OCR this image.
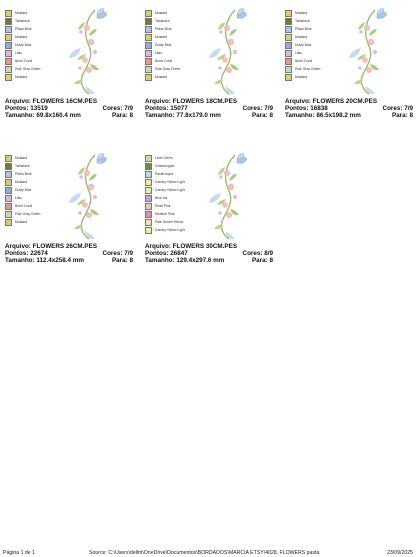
Mustard
Tamarack
Pillow Blue
Mustard
Dusty Blue
Lilac
Burnt Coral
Pale Gray Green
Mustard
Arquivo: FLOWERS 16CM.PES
Pontos: 13519	Cores: 7/9
Tamanho: 69.8x160.4 mm	Para: 8
Mustard
Tamarack
Pillow Blue
Mustard
Dusty Blue
Lilac
Burnt Coral
Pale Gray Green
Mustard
Arquivo: FLOWERS 18CM.PES
Pontos: 15077	Cores: 7/9
Tamanho: 77.8x179.0 mm	Para: 8
Mustard
Tamarack
Pillow Blue
Mustard
Dusty Blue
Lilac
Burnt Coral
Pale Gray Green
Mustard
Arquivo: FLOWERS 20CM.PES
Pontos: 16838	Cores: 7/9
Tamanho: 86.5x198.2 mm	Para: 8
Mustard
Tamarack
Pillow Blue
Mustard
Dusty Blue
Lilac
Burnt Coral
Pale Gray Green
Mustard
Arquivo: FLOWERS 26CM.PES
Pontos: 22674	Cores: 7/9
Tamanho: 112.4x258.4 mm	Para: 8
Lime Green
Grasshopper
Pastel Aqua
Canary Yellow Light
Canary Yellow Light
Blue Iris
Pearl Pink
Medium Pink
Pale Desert Yellow
Canary Yellow Light
Arquivo: FLOWERS 30CM.PES
Pontos: 26847	Cores: 8/9
Tamanho: 129.4x297.6 mm	Para: 8
Página 1 de 1	Source: C:\Users\dellm\OneDrive\Documentos\BORDADOS\MARCIA ETSY\4028. FLOWERS pasta	23/09/2025
